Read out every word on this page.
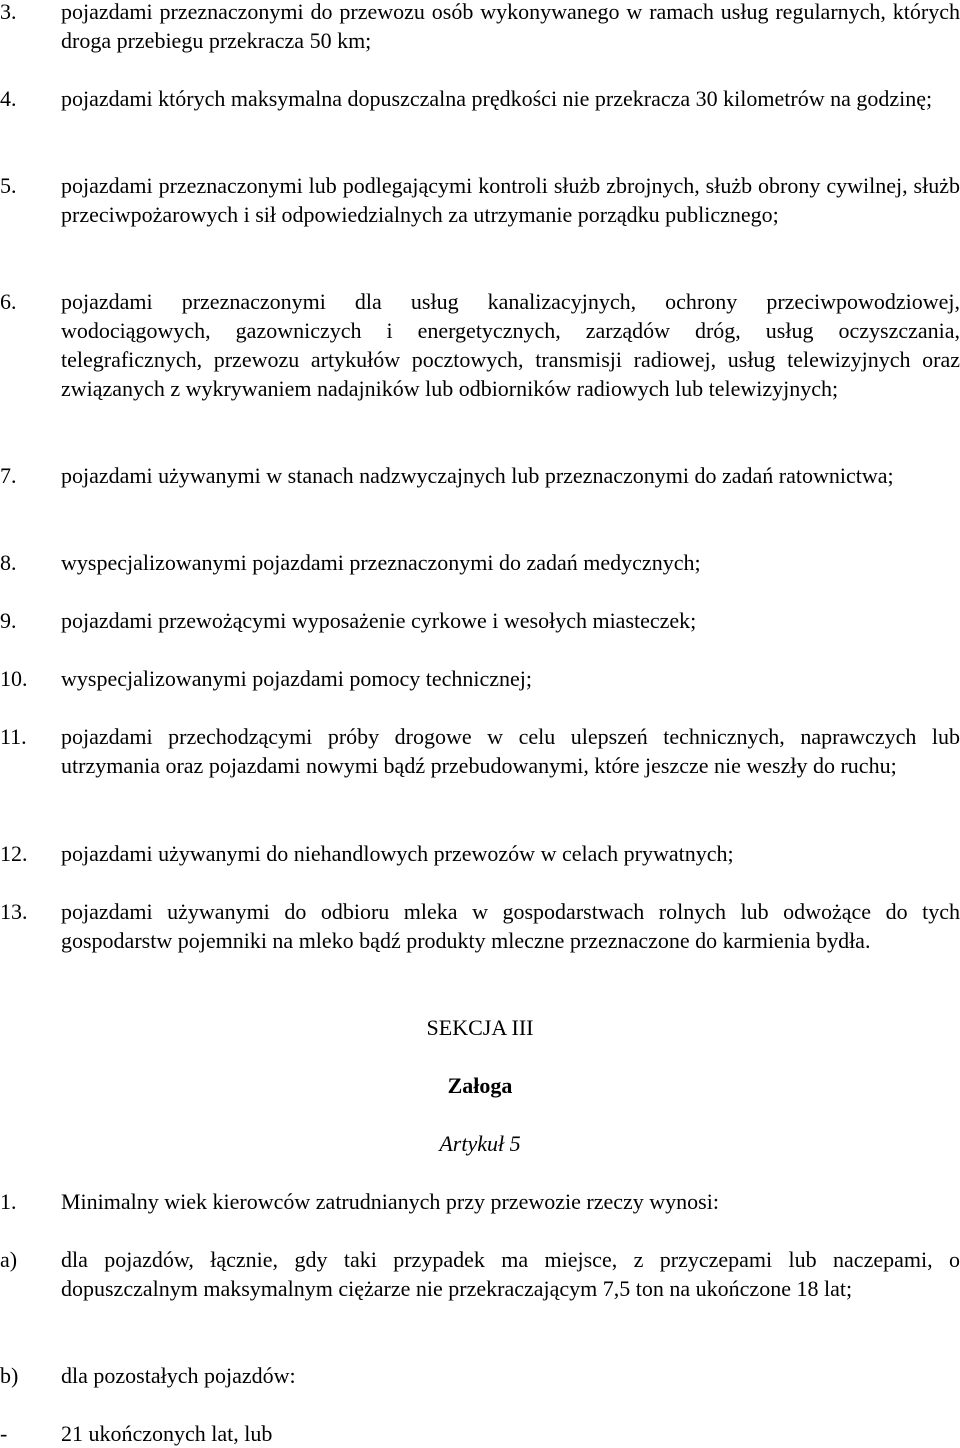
3. pojazdami przeznaczonymi do przewozu osób wykonywanego w ramach usług regularnych, których droga przebiegu przekracza 50 km;
4. pojazdami których maksymalna dopuszczalna prędkości nie przekracza 30 kilometrów na godzinę;
5. pojazdami przeznaczonymi lub podlegającymi kontroli służb zbrojnych, służb obrony cywilnej, służb przeciwpożarowych i sił odpowiedzialnych za utrzymanie porządku publicznego;
6. pojazdami przeznaczonymi dla usług kanalizacyjnych, ochrony przeciwpowodziowej, wodociągowych, gazowniczych i energetycznych, zarządów dróg, usług oczyszczania, telegraficznych, przewozu artykułów pocztowych, transmisji radiowej, usług telewizyjnych oraz związanych z wykrywaniem nadajników lub odbiorników radiowych lub telewizyjnych;
7. pojazdami używanymi w stanach nadzwyczajnych lub przeznaczonymi do zadań ratownictwa;
8. wyspecjalizowanymi pojazdami przeznaczonymi do zadań medycznych;
9. pojazdami przewożącymi wyposażenie cyrkowe i wesołych miasteczek;
10. wyspecjalizowanymi pojazdami pomocy technicznej;
11. pojazdami przechodzącymi próby drogowe w celu ulepszeń technicznych, naprawczych lub utrzymania oraz pojazdami nowymi bądź przebudowanymi, które jeszcze nie weszły do ruchu;
12. pojazdami używanymi do niehandlowych przewozów w celach prywatnych;
13. pojazdami używanymi do odbioru mleka w gospodarstwach rolnych lub odwożące do tych gospodarstw pojemniki na mleko bądź produkty mleczne przeznaczone do karmienia bydła.
SEKCJA III
Załoga
Artykuł 5
1. Minimalny wiek kierowców zatrudnianych przy przewozie rzeczy wynosi:
a) dla pojazdów, łącznie, gdy taki przypadek ma miejsce, z przyczepami lub naczepami, o dopuszczalnym maksymalnym ciężarze nie przekraczającym 7,5 ton na ukończone 18 lat;
b) dla pozostałych pojazdów:
- 21 ukończonych lat, lub
